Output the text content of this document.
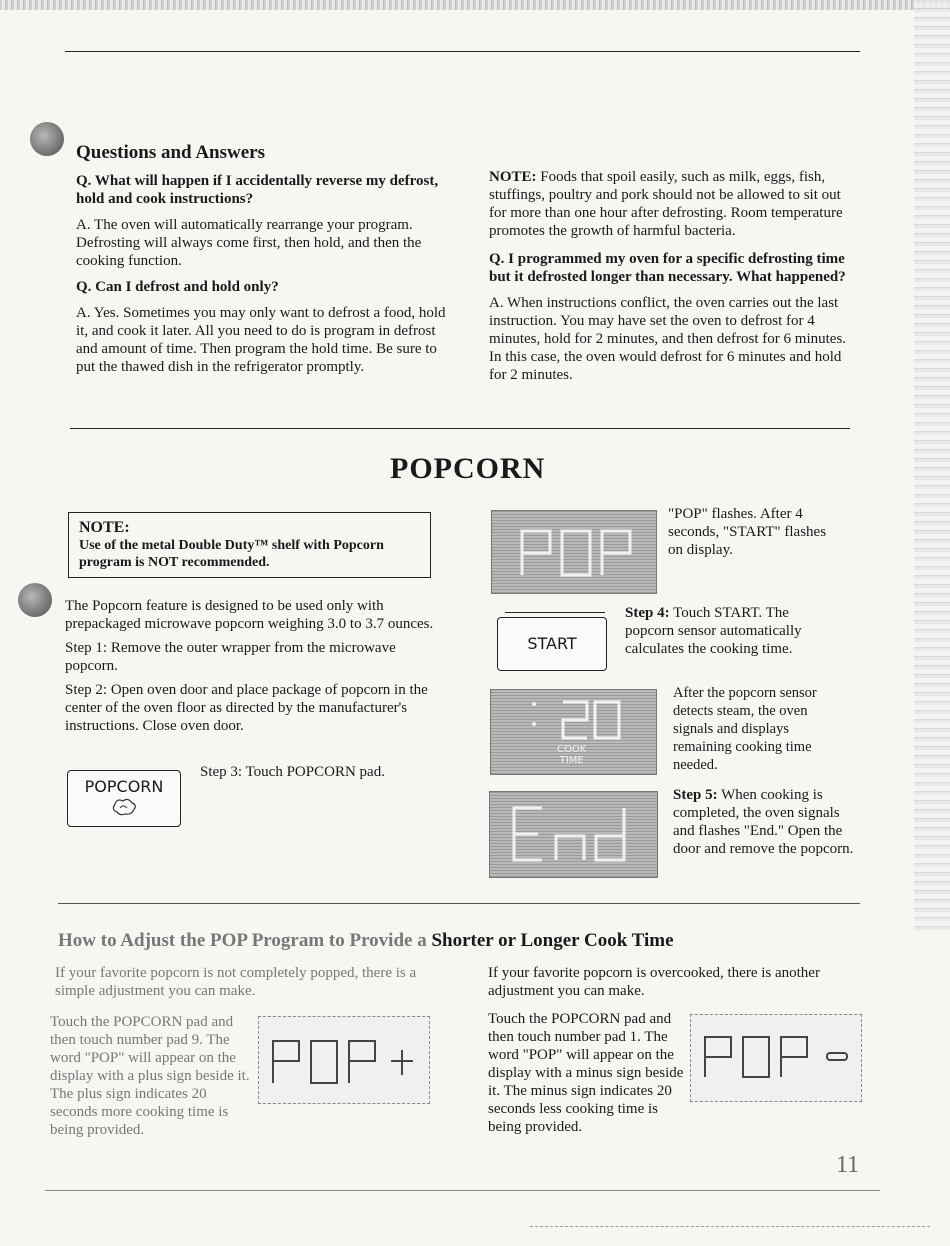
Questions and Answers
Q. What will happen if I accidentally reverse my defrost, hold and cook instructions?
A. The oven will automatically rearrange your program. Defrosting will always come first, then hold, and then the cooking function.
Q. Can I defrost and hold only?
A. Yes. Sometimes you may only want to defrost a food, hold it, and cook it later. All you need to do is program in defrost and amount of time. Then program the hold time. Be sure to put the thawed dish in the refrigerator promptly.
NOTE: Foods that spoil easily, such as milk, eggs, fish, stuffings, poultry and pork should not be allowed to sit out for more than one hour after defrosting. Room temperature promotes the growth of harmful bacteria.
Q. I programmed my oven for a specific defrosting time but it defrosted longer than necessary. What happened?
A. When instructions conflict, the oven carries out the last instruction. You may have set the oven to defrost for 4 minutes, hold for 2 minutes, and then defrost for 6 minutes. In this case, the oven would defrost for 6 minutes and hold for 2 minutes.
POPCORN
NOTE:
Use of the metal Double Duty™ shelf with Popcorn program is NOT recommended.
The Popcorn feature is designed to be used only with prepackaged microwave popcorn weighing 3.0 to 3.7 ounces.
Step 1: Remove the outer wrapper from the microwave popcorn.
Step 2: Open oven door and place package of popcorn in the center of the oven floor as directed by the manufacturer's instructions. Close oven door.
POPCORN
Step 3: Touch POPCORN pad.
"POP" flashes. After 4 seconds, "START" flashes on display.
START
Step 4: Touch START. The popcorn sensor automatically calculates the cooking time.
COOK
TIME
After the popcorn sensor detects steam, the oven signals and displays remaining cooking time needed.
Step 5: When cooking is completed, the oven signals and flashes "End." Open the door and remove the popcorn.
How to Adjust the POP Program to Provide a Shorter or Longer Cook Time
If your favorite popcorn is not completely popped, there is a simple adjustment you can make.
Touch the POPCORN pad and then touch number pad 9. The word "POP" will appear on the display with a plus sign beside it. The plus sign indicates 20 seconds more cooking time is being provided.
If your favorite popcorn is overcooked, there is another adjustment you can make.
Touch the POPCORN pad and then touch number pad 1. The word "POP" will appear on the display with a minus sign beside it. The minus sign indicates 20 seconds less cooking time is being provided.
11
